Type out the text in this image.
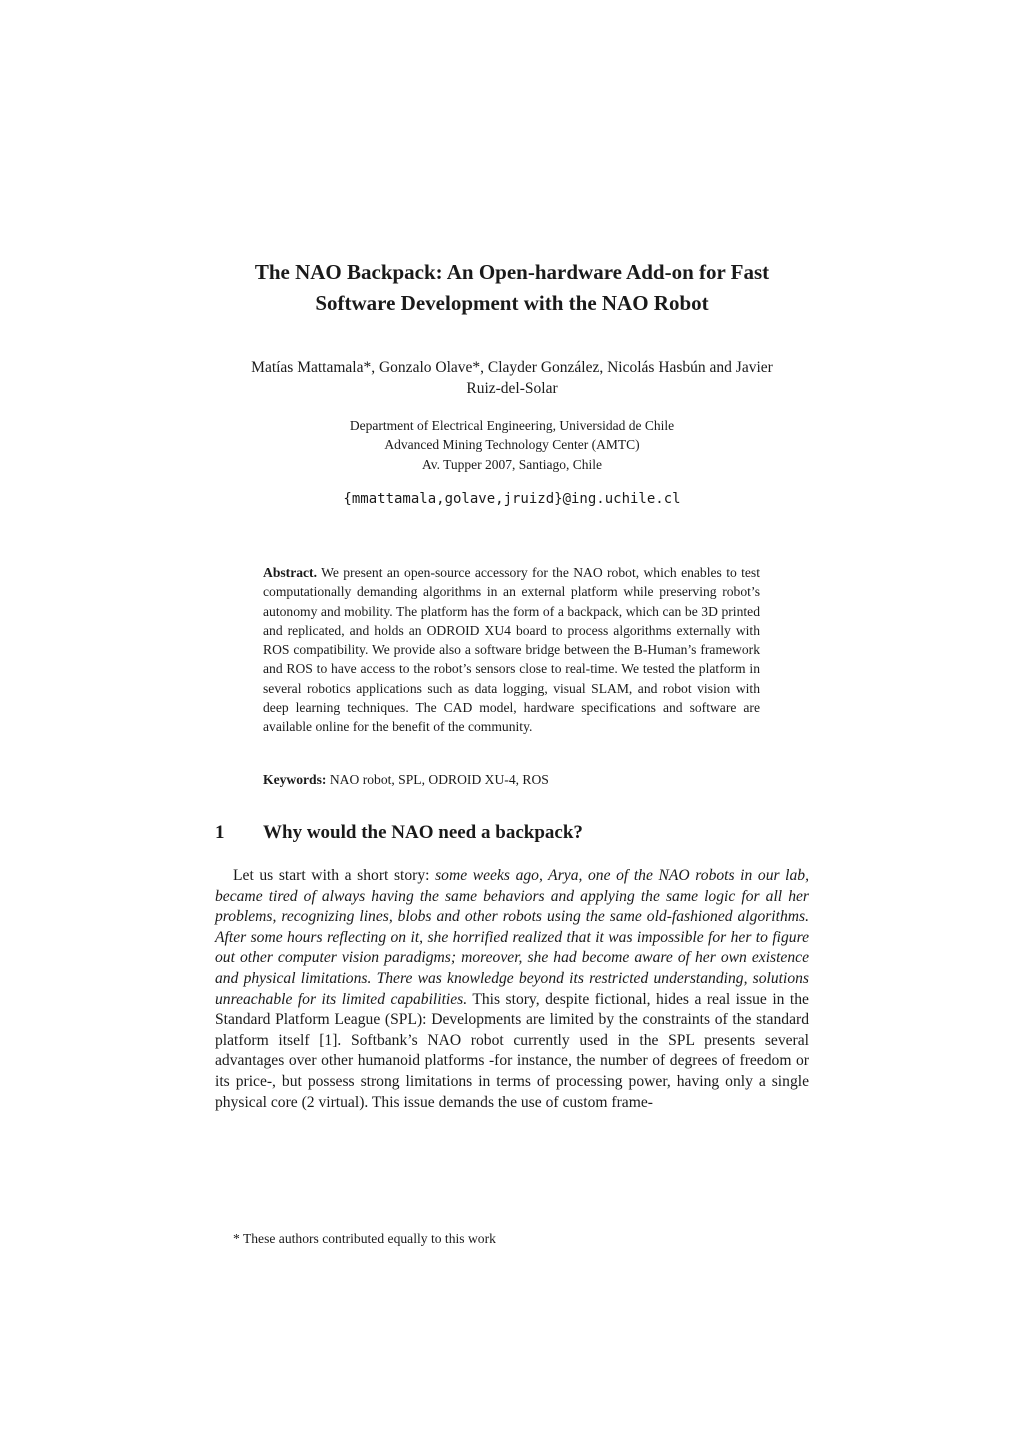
The NAO Backpack: An Open-hardware Add-on for Fast
Software Development with the NAO Robot
Matías Mattamala*, Gonzalo Olave*, Clayder González, Nicolás Hasbún and Javier
Ruiz-del-Solar
Department of Electrical Engineering, Universidad de Chile
Advanced Mining Technology Center (AMTC)
Av. Tupper 2007, Santiago, Chile
{mmattamala,golave,jruizd}@ing.uchile.cl
Abstract. We present an open-source accessory for the NAO robot, which enables to test computationally demanding algorithms in an external platform while preserving robot’s autonomy and mobility. The platform has the form of a backpack, which can be 3D printed and replicated, and holds an ODROID XU4 board to process algorithms externally with ROS compatibility. We provide also a software bridge between the B-Human’s framework and ROS to have access to the robot’s sensors close to real-time. We tested the platform in several robotics applications such as data logging, visual SLAM, and robot vision with deep learning techniques. The CAD model, hardware specifications and software are available online for the benefit of the community.
Keywords: NAO robot, SPL, ODROID XU-4, ROS
1 Why would the NAO need a backpack?

Let us start with a short story: some weeks ago, Arya, one of the NAO robots in our lab, became tired of always having the same behaviors and applying the same logic for all her problems, recognizing lines, blobs and other robots using the same old-fashioned algorithms. After some hours reflecting on it, she horrified realized that it was impossible for her to figure out other computer vision paradigms; moreover, she had become aware of her own existence and physical limitations. There was knowledge beyond its restricted understanding, solutions unreachable for its limited capabilities. This story, despite fictional, hides a real issue in the Standard Platform League (SPL): Developments are limited by the constraints of the standard platform itself [1]. Softbank’s NAO robot currently used in the SPL presents several advantages over other humanoid platforms -for instance, the number of degrees of freedom or its price-, but possess strong limitations in terms of processing power, having only a single physical core (2 virtual). This issue demands the use of custom frame-

* These authors contributed equally to this work
